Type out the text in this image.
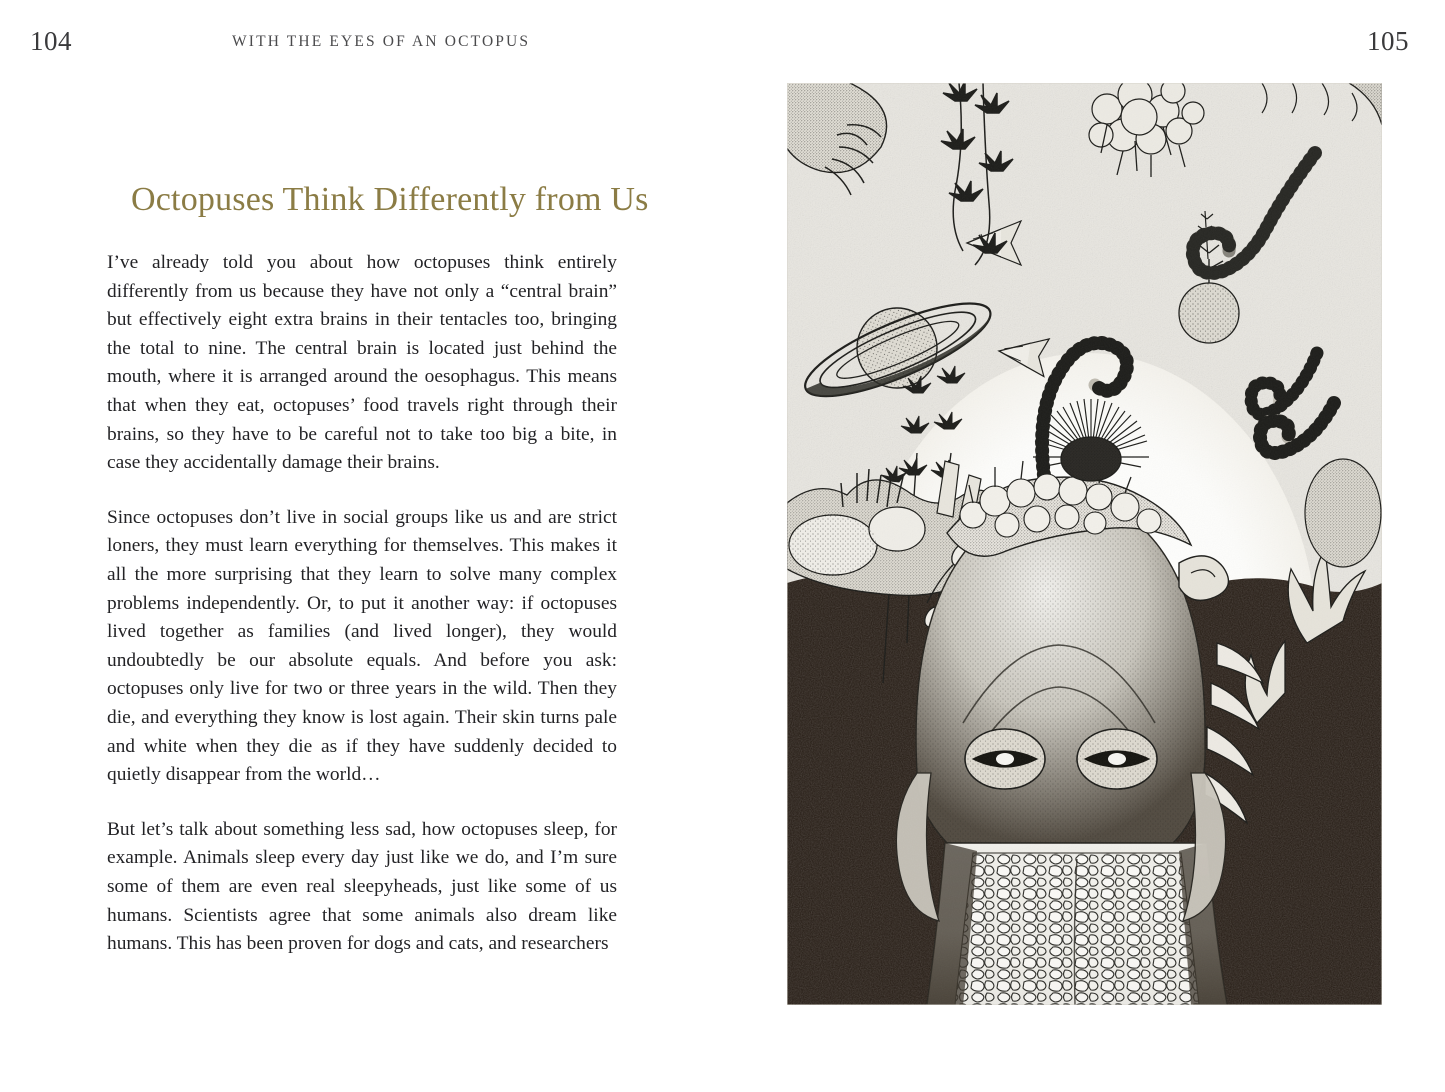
104	WITH THE EYES OF AN OCTOPUS
Octopuses Think Differently from Us

I’ve already told you about how octopuses think entirely differently from us because they have not only a “central brain” but effectively eight extra brains in their tentacles too, bringing the total to nine. The central brain is located just behind the mouth, where it is arranged around the oesophagus. This means that when they eat, octopuses’ food travels right through their brains, so they have to be careful not to take too big a bite, in case they accidentally damage their brains.

Since octopuses don’t live in social groups like us and are strict loners, they must learn everything for themselves. This makes it all the more surprising that they learn to solve many complex problems independently. Or, to put it another way: if octopuses lived together as families (and lived longer), they would undoubtedly be our absolute equals. And before you ask: octopuses only live for two or three years in the wild. Then they die, and everything they know is lost again. Their skin turns pale and white when they die as if they have suddenly decided to quietly disappear from the world…

But let’s talk about something less sad, how octopuses sleep, for example. Animals sleep every day just like we do, and I’m sure some of them are even real sleepyheads, just like some of us humans. Scientists agree that some animals also dream like humans. This has been proven for dogs and cats, and researchers

105
